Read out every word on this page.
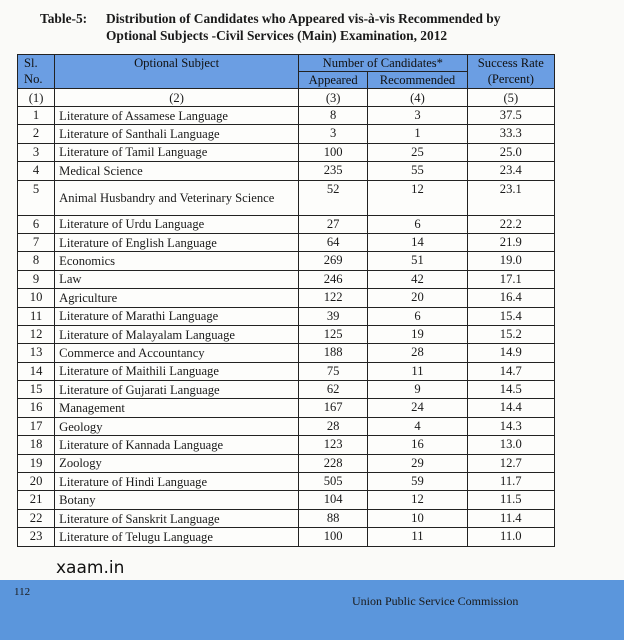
Table-5:	Distribution of Candidates who Appeared vis-à-vis Recommended by
Optional Subjects -Civil Services (Main) Examination, 2012
Sl. No.	Optional Subject	Number of Candidates*		Success Rate (Percent)
		Appeared	Recommended	
(1)	(2)	(3)	(4)	(5)
1	Literature of Assamese Language	8	3	37.5
2	Literature of Santhali Language	3	1	33.3
3	Literature of Tamil Language	100	25	25.0
4	Medical Science	235	55	23.4
5	Animal Husbandry and Veterinary Science	52	12	23.1
6	Literature of Urdu Language	27	6	22.2
7	Literature of English Language	64	14	21.9
8	Economics	269	51	19.0
9	Law	246	42	17.1
10	Agriculture	122	20	16.4
11	Literature of Marathi Language	39	6	15.4
12	Literature of Malayalam Language	125	19	15.2
13	Commerce and Accountancy	188	28	14.9
14	Literature of Maithili Language	75	11	14.7
15	Literature of Gujarati Language	62	9	14.5
16	Management	167	24	14.4
17	Geology	28	4	14.3
18	Literature of Kannada Language	123	16	13.0
19	Zoology	228	29	12.7
20	Literature of Hindi Language	505	59	11.7
21	Botany	104	12	11.5
22	Literature of Sanskrit Language	88	10	11.4
23	Literature of Telugu Language	100	11	11.0
xaam.in
112
Union Public Service Commission
